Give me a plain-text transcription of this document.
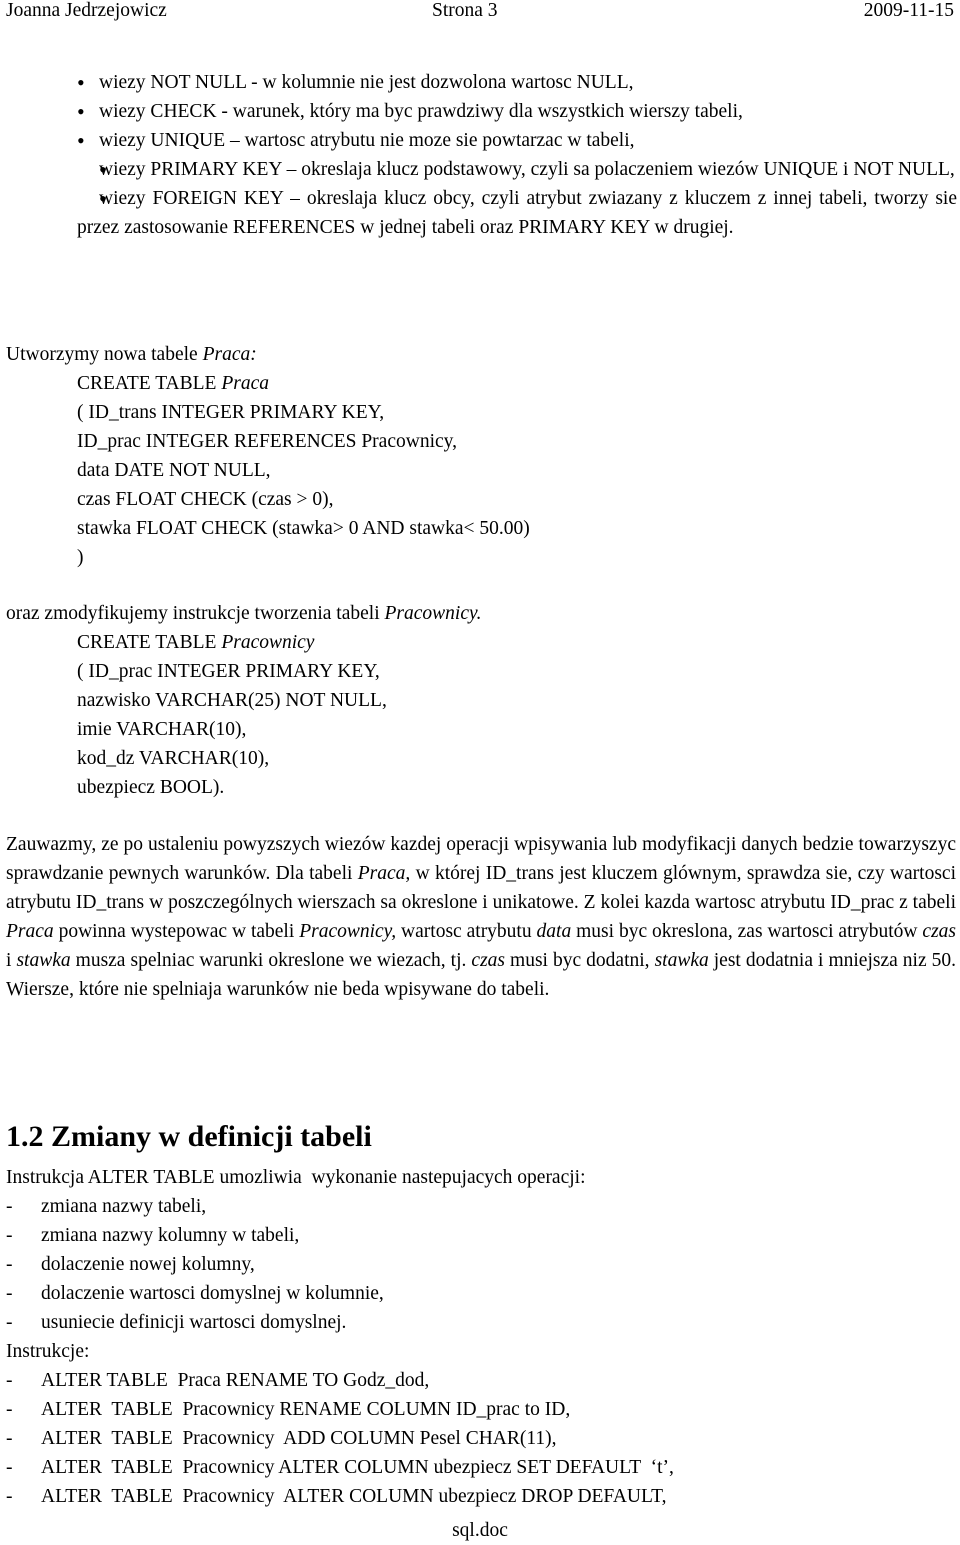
Joanna Jedrzejowicz	Strona 3	2009-11-15
• wiezy NOT NULL - w kolumnie nie jest dozwolona wartosc NULL,
• wiezy CHECK - warunek, który ma byc prawdziwy dla wszystkich wierszy tabeli,
• wiezy UNIQUE – wartosc atrybutu nie moze sie powtarzac w tabeli,
• wiezy PRIMARY KEY – okreslaja klucz podstawowy, czyli sa polaczeniem wiezów UNIQUE i NOT NULL,
• wiezy FOREIGN KEY – okreslaja klucz obcy, czyli atrybut zwiazany z kluczem z innej tabeli, tworzy sie przez zastosowanie REFERENCES w jednej tabeli oraz PRIMARY KEY w drugiej.
Utworzymy nowa tabele Praca:
CREATE TABLE Praca
( ID_trans INTEGER PRIMARY KEY,
ID_prac INTEGER REFERENCES Pracownicy,
data DATE NOT NULL,
czas FLOAT CHECK (czas > 0),
stawka FLOAT CHECK (stawka> 0 AND stawka< 50.00)
)
oraz zmodyfikujemy instrukcje tworzenia tabeli Pracownicy.
CREATE TABLE Pracownicy
( ID_prac INTEGER PRIMARY KEY,
nazwisko VARCHAR(25) NOT NULL,
imie VARCHAR(10),
kod_dz VARCHAR(10),
ubezpiecz BOOL).
Zauwazmy, ze po ustaleniu powyzszych wiezów kazdej operacji wpisywania lub modyfikacji danych bedzie towarzyszyc sprawdzanie pewnych warunków. Dla tabeli Praca, w której ID_trans jest kluczem glównym, sprawdza sie, czy wartosci atrybutu ID_trans w poszczególnych wierszach sa okreslone i unikatowe. Z kolei kazda wartosc atrybutu ID_prac z tabeli Praca powinna wystepowac w tabeli Pracownicy, wartosc atrybutu data musi byc okreslona, zas wartosci atrybutów czas i stawka musza spelniac warunki okreslone we wiezach, tj. czas musi byc dodatni, stawka jest dodatnia i mniejsza niz 50. Wiersze, które nie spelniaja warunków nie beda wpisywane do tabeli.
1.2 Zmiany w definicji tabeli
Instrukcja ALTER TABLE umozliwia  wykonanie nastepujacych operacji:
- zmiana nazwy tabeli,
- zmiana nazwy kolumny w tabeli,
- dolaczenie nowej kolumny,
- dolaczenie wartosci domyslnej w kolumnie,
- usuniecie definicji wartosci domyslnej.
Instrukcje:
- ALTER TABLE  Praca RENAME TO Godz_dod,
- ALTER  TABLE  Pracownicy RENAME COLUMN ID_prac to ID,
- ALTER  TABLE  Pracownicy  ADD COLUMN Pesel CHAR(11),
- ALTER  TABLE  Pracownicy ALTER COLUMN ubezpiecz SET DEFAULT  ‘t’,
- ALTER  TABLE  Pracownicy  ALTER COLUMN ubezpiecz DROP DEFAULT,
sql.doc
